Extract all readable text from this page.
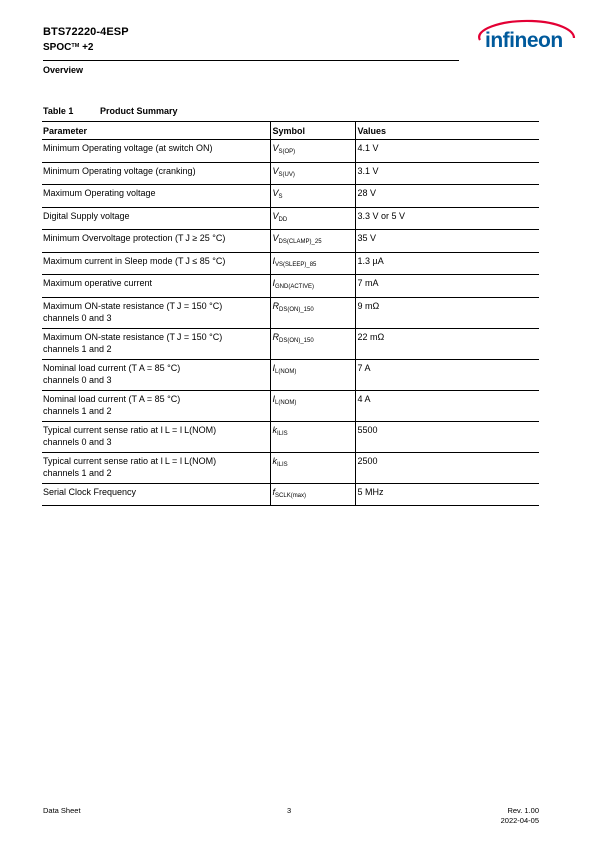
BTS72220-4ESP
SPOC™ +2
Overview
infineon
Table 1	Product Summary
Parameter	Symbol	Values

Minimum Operating voltage (at switch ON)	$V_{S(OP)}$	4.1 V

Minimum Operating voltage (cranking)	$V_{S(UV)}$	3.1 V

Maximum Operating voltage	$V_S$	28 V

Digital Supply voltage	$V_{DD}$	3.3 V or 5 V

Minimum Overvoltage protection (T J ≥ 25 °C)	$V_{DS(CLAMP)\_25}$	35 V

Maximum current in Sleep mode (T J ≤ 85 °C)	$I_{VS(SLEEP)\_85}$	1.3 µA

Maximum operative current	$I_{GND(ACTIVE)}$	7 mA

Maximum ON-state resistance (T J = 150 °C)
channels 0 and 3	$R_{DS(ON)\_150}$	9 mΩ

Maximum ON-state resistance (T J = 150 °C)
channels 1 and 2	$R_{DS(ON)\_150}$	22 mΩ

Nominal load current (T A = 85 °C)
channels 0 and 3	$I_{L(NOM)}$	7 A

Nominal load current (T A = 85 °C)
channels 1 and 2	$I_{L(NOM)}$	4 A

Typical current sense ratio at I L = I L(NOM)
channels 0 and 3	$k_{ILIS}$	5500

Typical current sense ratio at I L = I L(NOM)
channels 1 and 2	$k_{ILIS}$	2500

Serial Clock Frequency	$f_{SCLK(max)}$	5 MHz
Data Sheet	3	Rev. 1.00
2022-04-05
